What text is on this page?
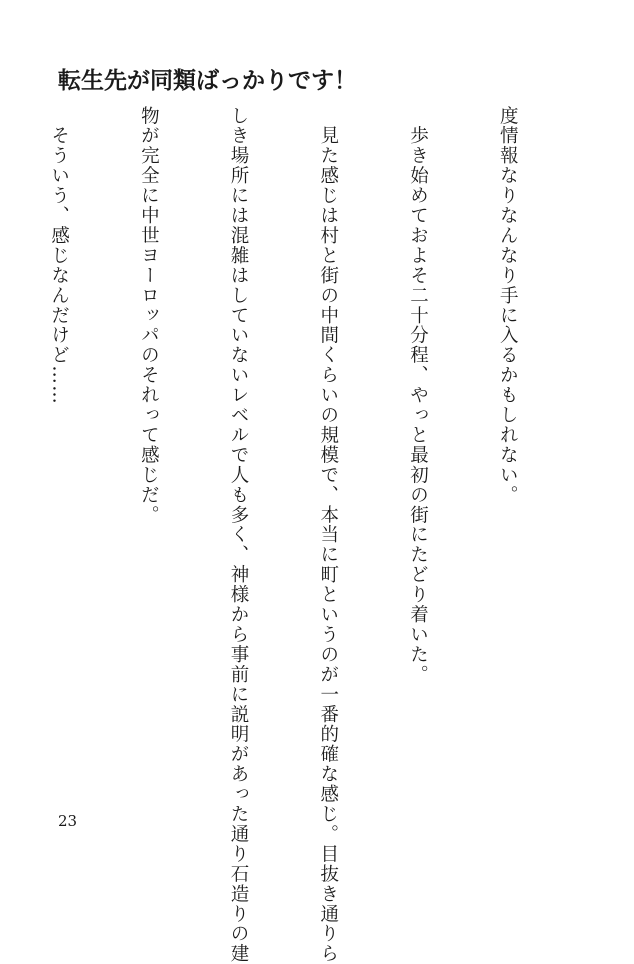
転生先が同類ばっかりです！

度情報なりなんなり手に入るかもしれない。

　歩き始めておよそ二十分程、やっと最初の街にたどり着いた。

　見た感じは村と街の中間くらいの規模で、本当に町というのが一番的確な感じ。目抜き通りら

しき場所には混雑はしていないレベルで人も多く、神様から事前に説明があった通り石造りの建

物が完全に中世ヨーロッパのそれって感じだ。

　そういう、感じなんだけど……

23
